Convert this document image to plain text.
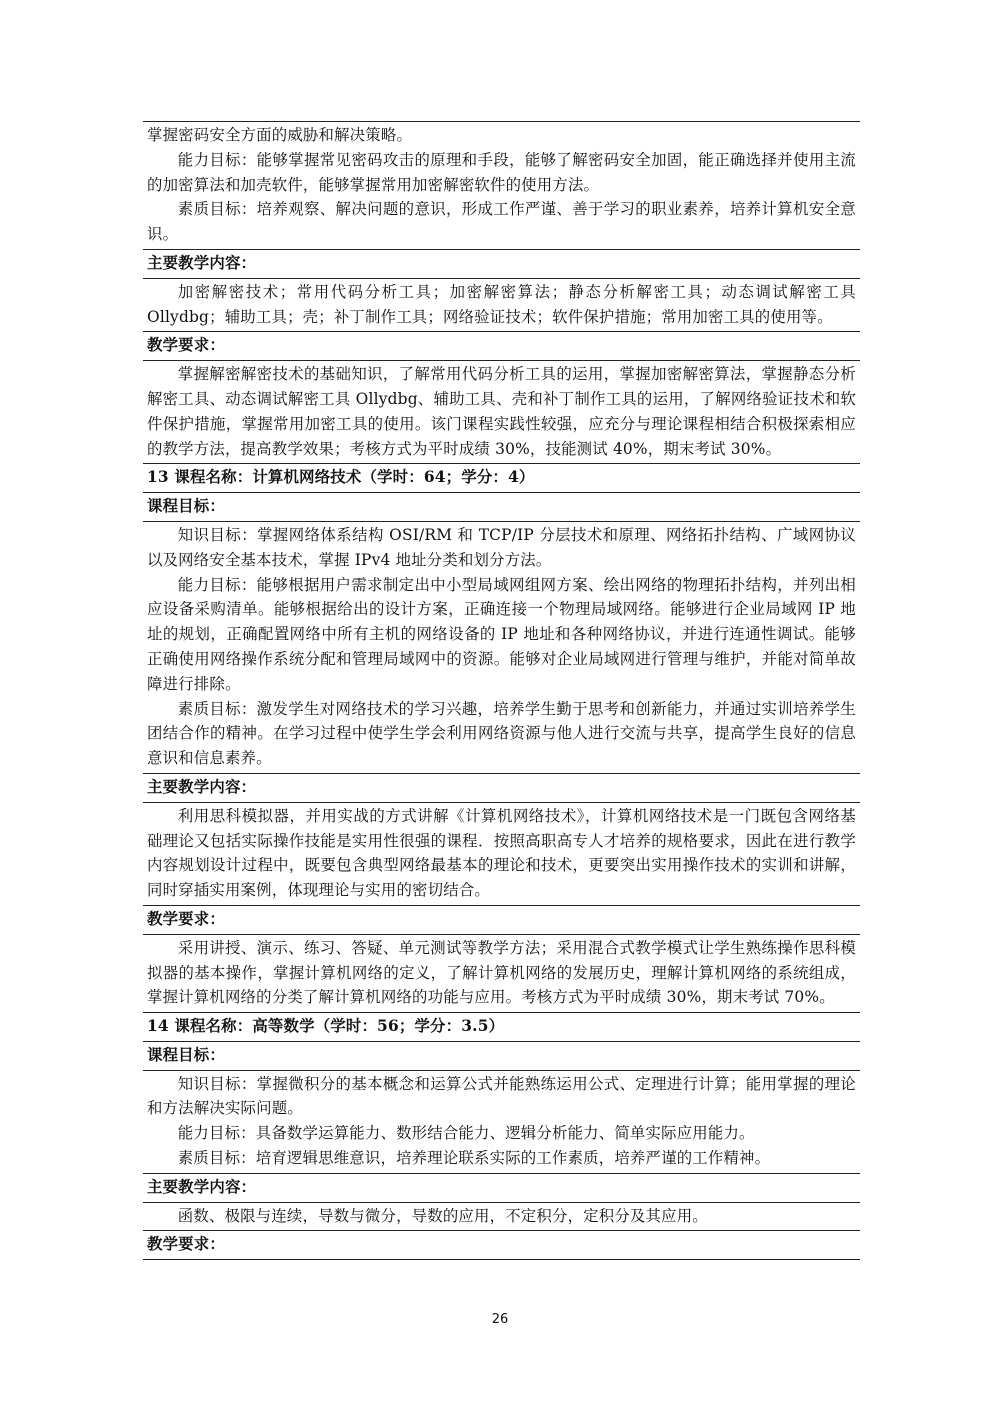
掌握密码安全方面的威胁和解决策略。
能力目标：能够掌握常见密码攻击的原理和手段，能够了解密码安全加固，能正确选择并使用主流的加密算法和加壳软件，能够掌握常用加密解密软件的使用方法。
素质目标：培养观察、解决问题的意识，形成工作严谨、善于学习的职业素养，培养计算机安全意识。
主要教学内容：
加密解密技术；常用代码分析工具；加密解密算法；静态分析解密工具；动态调试解密工具 Ollydbg；辅助工具；壳；补丁制作工具；网络验证技术；软件保护措施；常用加密工具的使用等。
教学要求：
掌握解密解密技术的基础知识，了解常用代码分析工具的运用，掌握加密解密算法，掌握静态分析解密工具、动态调试解密工具 Ollydbg、辅助工具、壳和补丁制作工具的运用，了解网络验证技术和软件保护措施，掌握常用加密工具的使用。该门课程实践性较强，应充分与理论课程相结合积极探索相应的教学方法，提高教学效果；考核方式为平时成绩 30%，技能测试 40%，期末考试 30%。
13 课程名称：计算机网络技术（学时：64；学分：4）
课程目标：
知识目标：掌握网络体系结构 OSI/RM 和 TCP/IP 分层技术和原理、网络拓扑结构、广域网协议以及网络安全基本技术，掌握 IPv4 地址分类和划分方法。
能力目标：能够根据用户需求制定出中小型局域网组网方案、绘出网络的物理拓扑结构，并列出相应设备采购清单。能够根据给出的设计方案，正确连接一个物理局域网络。能够进行企业局域网 IP 地址的规划，正确配置网络中所有主机的网络设备的 IP 地址和各种网络协议，并进行连通性调试。能够正确使用网络操作系统分配和管理局域网中的资源。能够对企业局域网进行管理与维护，并能对简单故障进行排除。
素质目标：激发学生对网络技术的学习兴趣，培养学生勤于思考和创新能力，并通过实训培养学生团结合作的精神。在学习过程中使学生学会利用网络资源与他人进行交流与共享，提高学生良好的信息意识和信息素养。
主要教学内容：
利用思科模拟器，并用实战的方式讲解《计算机网络技术》，计算机网络技术是一门既包含网络基础理论又包括实际操作技能是实用性很强的课程．按照高职高专人才培养的规格要求，因此在进行教学内容规划设计过程中，既要包含典型网络最基本的理论和技术，更要突出实用操作技术的实训和讲解，同时穿插实用案例，体现理论与实用的密切结合。
教学要求：
采用讲授、演示、练习、答疑、单元测试等教学方法；采用混合式教学模式让学生熟练操作思科模拟器的基本操作，掌握计算机网络的定义，了解计算机网络的发展历史，理解计算机网络的系统组成，掌握计算机网络的分类了解计算机网络的功能与应用。考核方式为平时成绩 30%，期末考试 70%。
14 课程名称：高等数学（学时：56；学分：3.5）
课程目标：
知识目标：掌握微积分的基本概念和运算公式并能熟练运用公式、定理进行计算；能用掌握的理论和方法解决实际问题。
能力目标：具备数学运算能力、数形结合能力、逻辑分析能力、简单实际应用能力。
素质目标：培育逻辑思维意识，培养理论联系实际的工作素质，培养严谨的工作精神。
主要教学内容：
函数、极限与连续，导数与微分，导数的应用，不定积分，定积分及其应用。
教学要求：
26
